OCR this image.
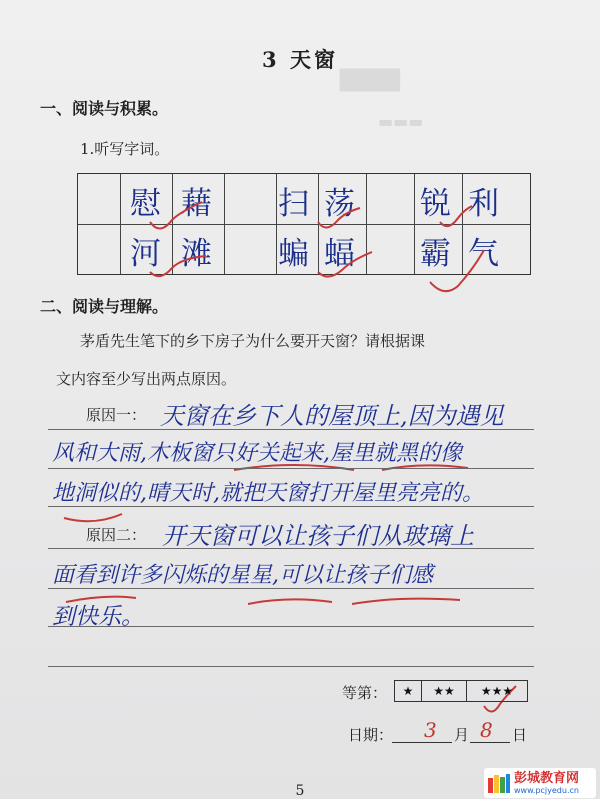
▆▆▆
▬▬▬
3 天窗
一、阅读与积累。
1.听写字词。
慰 藉 扫 荡 锐 利
河 滩 蝙 蝠 霸 气
二、阅读与理解。
茅盾先生笔下的乡下房子为什么要开天窗？请根据课
文内容至少写出两点原因。
原因一： 天窗在乡下人的屋顶上,因为遇见
风和大雨,木板窗只好关起来,屋里就黑的像
地洞似的,晴天时,就把天窗打开屋里亮亮的。
原因二： 开天窗可以让孩子们从玻璃上
面看到许多闪烁的星星,可以让孩子们感
到快乐。
等第：	★	★★	★★★
日期： 3 月 8 日
5
彭城教育网
www.pcjyedu.cn
